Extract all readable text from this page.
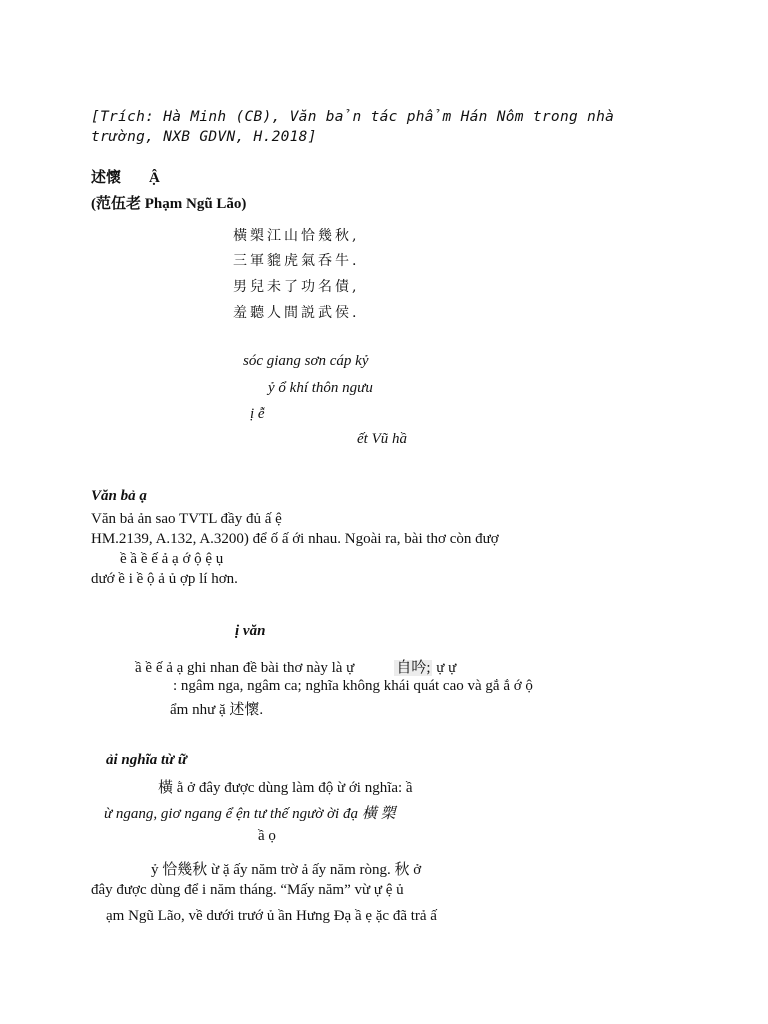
[Trích: Hà Minh (CB), Văn bản tác phẩm Hán Nôm trong nhà
trường, NXB GDVN, H.2018]
述懷 Ậ
(范伍老 Phạm Ngũ Lão)
橫槊江山恰幾秋,
三軍貔虎氣呑牛.
男兒未了功名債,
羞聽人間説武侯.
sóc giang sơn cáp kỷ
ỷ ổ khí thôn ngưu
ị ễ
ết Vũ hầ
Văn bả ạ
Văn bả ản sao TVTL đầy đủ ấ ệ
HM.2139, A.132, A.3200) để ố ấ ới nhau. Ngoài ra, bài thơ còn đượ
ề ầ ề ế ả ạ ớ ộ ệ ụ
dướ ề i ề ộ ả ủ ợp lí hơn.
ị văn
ầ ề ế ả ạ ghi nhan đề bài thơ này là ự	自吟; ự ự
: ngâm nga, ngâm ca; nghĩa không khái quát cao và gắ ắ ớ ộ
ẩm như ặ 述懷.
ải nghĩa từ ữ
橫 ằ ở đây được dùng làm độ ừ ới nghĩa: ầ
ừ ngang, giơ ngang ể ện tư thế ngườ ời đạ 橫 槊
ầ ọ
ỷ 恰幾秋 ừ ặ ấy năm trờ ả ấy năm ròng. 秋 ở
đây được dùng để i năm tháng. “Mấy năm” vừ ự ệ ủ
ạm Ngũ Lão, về dưới trướ ủ ần Hưng Đạ ầ ẹ ặc đã trả ấ
